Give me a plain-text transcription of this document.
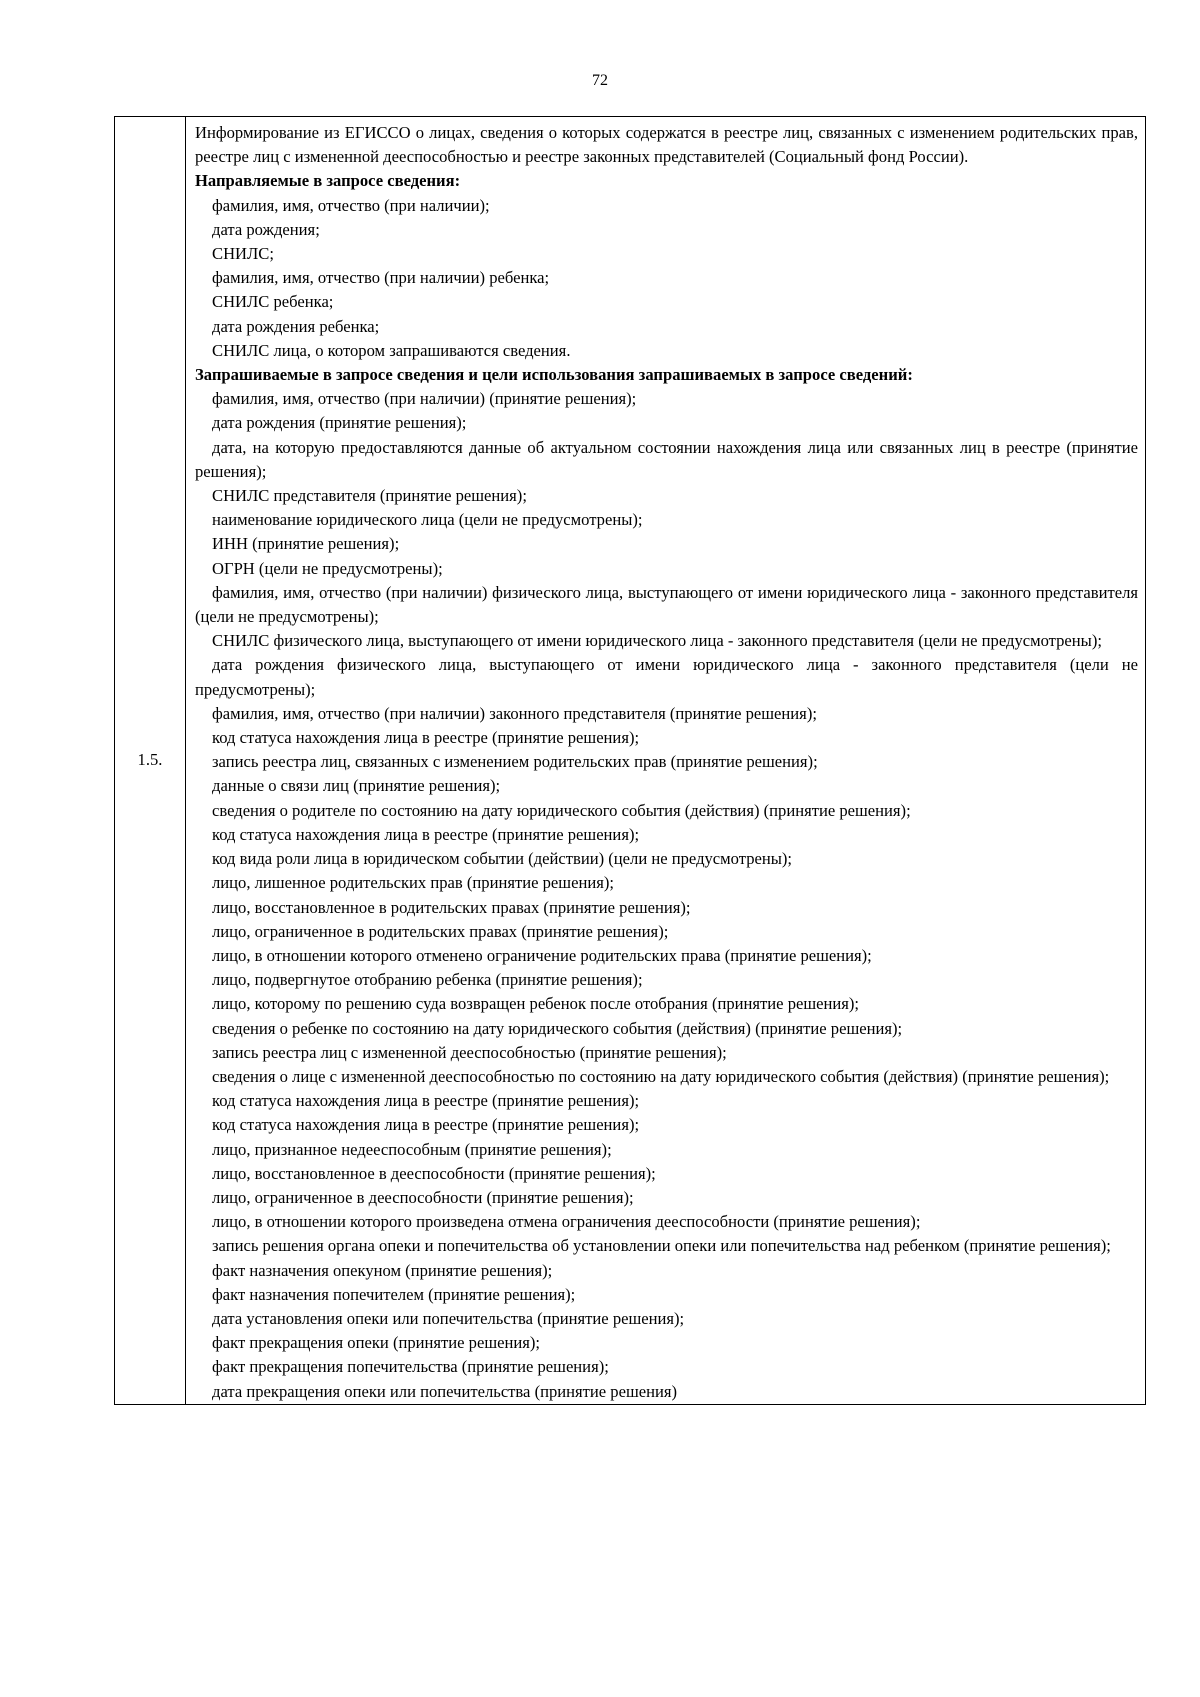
72
1.5.	

Информирование из ЕГИССО о лицах, сведения о которых содержатся в реестре лиц, связанных с изменением родительских прав, реестре лиц с измененной дееспособностью и реестре законных представителей (Социальный фонд России).

Направляемые в запросе сведения:

фамилия, имя, отчество (при наличии);

дата рождения;

СНИЛС;

фамилия, имя, отчество (при наличии) ребенка;

СНИЛС ребенка;

дата рождения ребенка;

СНИЛС лица, о котором запрашиваются сведения.

Запрашиваемые в запросе сведения и цели использования запрашиваемых в запросе сведений:

фамилия, имя, отчество (при наличии) (принятие решения);

дата рождения (принятие решения);

дата, на которую предоставляются данные об актуальном состоянии нахождения лица или связанных лиц в реестре (принятие решения);

СНИЛС представителя (принятие решения);

наименование юридического лица (цели не предусмотрены);

ИНН (принятие решения);

ОГРН (цели не предусмотрены);

фамилия, имя, отчество (при наличии) физического лица, выступающего от имени юридического лица - законного представителя (цели не предусмотрены);

СНИЛС физического лица, выступающего от имени юридического лица - законного представителя (цели не предусмотрены);

дата рождения физического лица, выступающего от имени юридического лица - законного представителя (цели не предусмотрены);

фамилия, имя, отчество (при наличии) законного представителя (принятие решения);

код статуса нахождения лица в реестре (принятие решения);

запись реестра лиц, связанных с изменением родительских прав (принятие решения);

данные о связи лиц (принятие решения);

сведения о родителе по состоянию на дату юридического события (действия) (принятие решения);

код статуса нахождения лица в реестре (принятие решения);

код вида роли лица в юридическом событии (действии) (цели не предусмотрены);

лицо, лишенное родительских прав (принятие решения);

лицо, восстановленное в родительских правах (принятие решения);

лицо, ограниченное в родительских правах (принятие решения);

лицо, в отношении которого отменено ограничение родительских права (принятие решения);

лицо, подвергнутое отобранию ребенка (принятие решения);

лицо, которому по решению суда возвращен ребенок после отобрания (принятие решения);

сведения о ребенке по состоянию на дату юридического события (действия) (принятие решения);

запись реестра лиц с измененной дееспособностью (принятие решения);

сведения о лице с измененной дееспособностью по состоянию на дату юридического события (действия) (принятие решения);

код статуса нахождения лица в реестре (принятие решения);

код статуса нахождения лица в реестре (принятие решения);

лицо, признанное недееспособным (принятие решения);

лицо, восстановленное в дееспособности (принятие решения);

лицо, ограниченное в дееспособности (принятие решения);

лицо, в отношении которого произведена отмена ограничения дееспособности (принятие решения);

запись решения органа опеки и попечительства об установлении опеки или попечительства над ребенком (принятие решения);

факт назначения опекуном (принятие решения);

факт назначения попечителем (принятие решения);

дата установления опеки или попечительства (принятие решения);

факт прекращения опеки (принятие решения);

факт прекращения попечительства (принятие решения);

дата прекращения опеки или попечительства (принятие решения)
